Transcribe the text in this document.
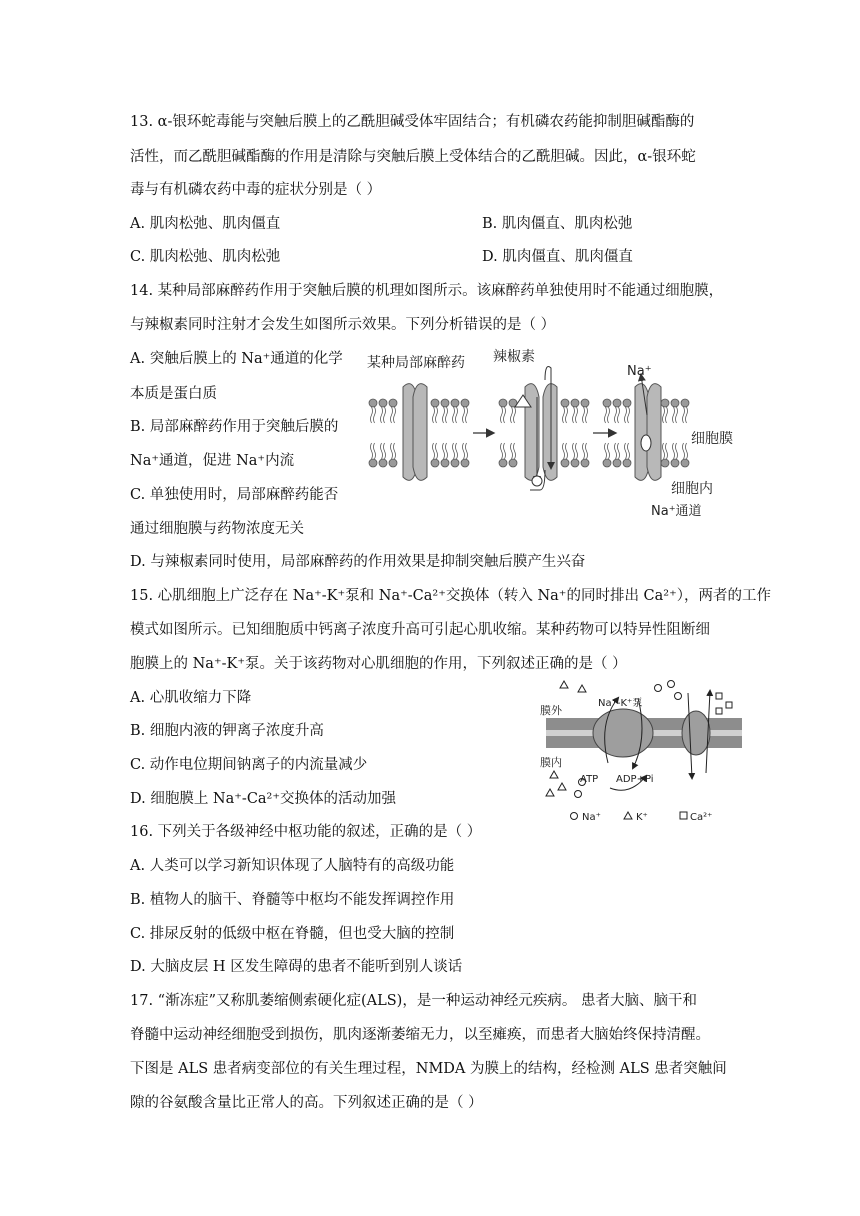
13. α-银环蛇毒能与突触后膜上的乙酰胆碱受体牢固结合；有机磷农药能抑制胆碱酯酶的
活性，而乙酰胆碱酯酶的作用是清除与突触后膜上受体结合的乙酰胆碱。因此，α-银环蛇
毒与有机磷农药中毒的症状分别是（ ）
A. 肌肉松弛、肌肉僵直	B. 肌肉僵直、肌肉松弛
C. 肌肉松弛、肌肉松弛	D. 肌肉僵直、肌肉僵直
14. 某种局部麻醉药作用于突触后膜的机理如图所示。该麻醉药单独使用时不能通过细胞膜，
与辣椒素同时注射才会发生如图所示效果。下列分析错误的是（ ）
A. 突触后膜上的 Na⁺通道的化学
本质是蛋白质
B. 局部麻醉药作用于突触后膜的
Na⁺通道，促进 Na⁺内流
C. 单独使用时，局部麻醉药能否
通过细胞膜与药物浓度无关
D. 与辣椒素同时使用，局部麻醉药的作用效果是抑制突触后膜产生兴奋
某种局部麻醉药 辣椒素
Na⁺
细胞膜
细胞内
Na⁺通道
15. 心肌细胞上广泛存在 Na⁺-K⁺泵和 Na⁺-Ca²⁺交换体（转入 Na⁺的同时排出 Ca²⁺），两者的工作
模式如图所示。已知细胞质中钙离子浓度升高可引起心肌收缩。某种药物可以特异性阻断细
胞膜上的 Na⁺-K⁺泵。关于该药物对心肌细胞的作用，下列叙述正确的是（ ）
A. 心肌收缩力下降
B. 细胞内液的钾离子浓度升高
C. 动作电位期间钠离子的内流量减少
D. 细胞膜上 Na⁺-Ca²⁺交换体的活动加强
膜外
膜内
Na⁺-K⁺泵
ATP ADP+Pi
Na⁺	K⁺	Ca²⁺
16. 下列关于各级神经中枢功能的叙述，正确的是（ ）
A. 人类可以学习新知识体现了人脑特有的高级功能
B. 植物人的脑干、脊髓等中枢均不能发挥调控作用
C. 排尿反射的低级中枢在脊髓，但也受大脑的控制
D. 大脑皮层 H 区发生障碍的患者不能听到别人谈话
17. “渐冻症”又称肌萎缩侧索硬化症(ALS)，是一种运动神经元疾病。 患者大脑、脑干和
脊髓中运动神经细胞受到损伤，肌肉逐渐萎缩无力，以至瘫痪，而患者大脑始终保持清醒。
下图是 ALS 患者病变部位的有关生理过程，NMDA 为膜上的结构，经检测 ALS 患者突触间
隙的谷氨酸含量比正常人的高。下列叙述正确的是（ ）
